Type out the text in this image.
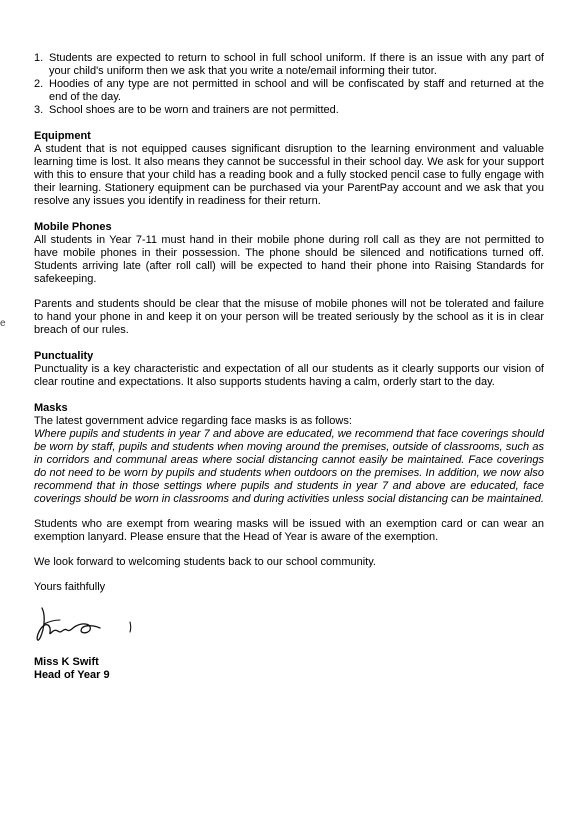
e
1. Students are expected to return to school in full school uniform. If there is an issue with any part of your child's uniform then we ask that you write a note/email informing their tutor.
2. Hoodies of any type are not permitted in school and will be confiscated by staff and returned at the end of the day.
3. School shoes are to be worn and trainers are not permitted.
Equipment
A student that is not equipped causes significant disruption to the learning environment and valuable learning time is lost. It also means they cannot be successful in their school day. We ask for your support with this to ensure that your child has a reading book and a fully stocked pencil case to fully engage with their learning. Stationery equipment can be purchased via your ParentPay account and we ask that you resolve any issues you identify in readiness for their return.
Mobile Phones
All students in Year 7-11 must hand in their mobile phone during roll call as they are not permitted to have mobile phones in their possession. The phone should be silenced and notifications turned off. Students arriving late (after roll call) will be expected to hand their phone into Raising Standards for safekeeping.
Parents and students should be clear that the misuse of mobile phones will not be tolerated and failure to hand your phone in and keep it on your person will be treated seriously by the school as it is in clear breach of our rules.
Punctuality
Punctuality is a key characteristic and expectation of all our students as it clearly supports our vision of clear routine and expectations. It also supports students having a calm, orderly start to the day.
Masks
The latest government advice regarding face masks is as follows:
Where pupils and students in year 7 and above are educated, we recommend that face coverings should be worn by staff, pupils and students when moving around the premises, outside of classrooms, such as in corridors and communal areas where social distancing cannot easily be maintained. Face coverings do not need to be worn by pupils and students when outdoors on the premises. In addition, we now also recommend that in those settings where pupils and students in year 7 and above are educated, face coverings should be worn in classrooms and during activities unless social distancing can be maintained.
Students who are exempt from wearing masks will be issued with an exemption card or can wear an exemption lanyard. Please ensure that the Head of Year is aware of the exemption.
We look forward to welcoming students back to our school community.
Yours faithfully
Miss K Swift
Head of Year 9
